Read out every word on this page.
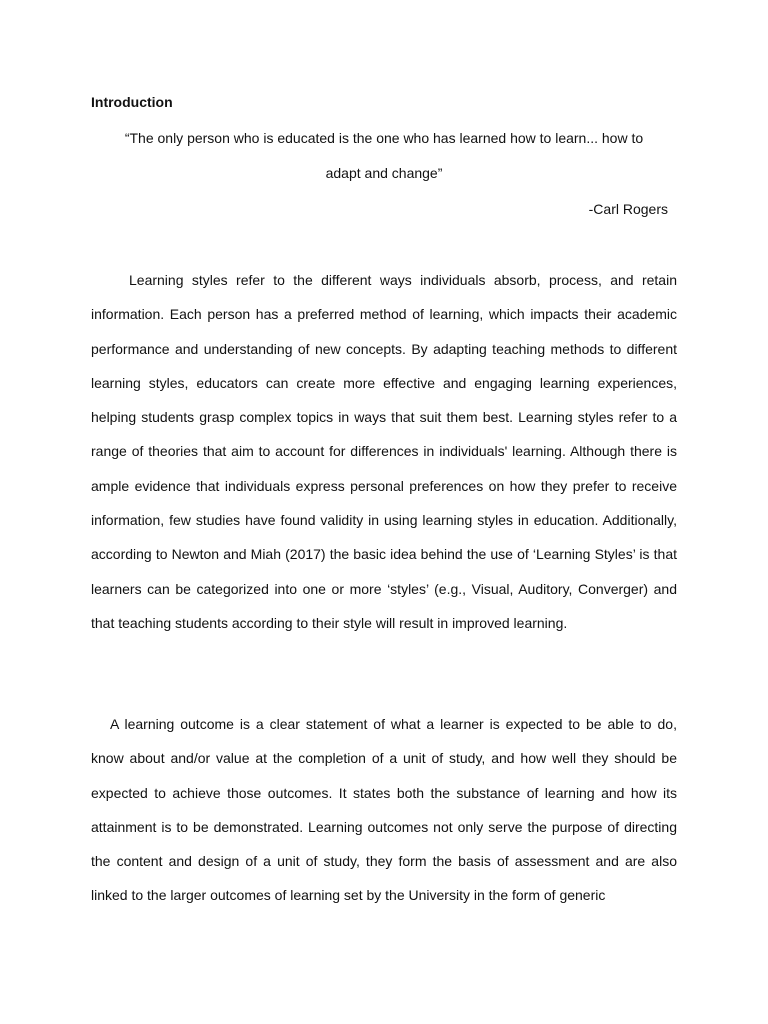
Introduction

“The only person who is educated is the one who has learned how to learn... how to

adapt and change”

-Carl Rogers

Learning styles refer to the different ways individuals absorb, process, and retain information. Each person has a preferred method of learning, which impacts their academic performance and understanding of new concepts. By adapting teaching methods to different learning styles, educators can create more effective and engaging learning experiences, helping students grasp complex topics in ways that suit them best. Learning styles refer to a range of theories that aim to account for differences in individuals' learning. Although there is ample evidence that individuals express personal preferences on how they prefer to receive information, few studies have found validity in using learning styles in education. Additionally, according to Newton and Miah (2017) the basic idea behind the use of ‘Learning Styles’ is that learners can be categorized into one or more ‘styles’ (e.g., Visual, Auditory, Converger) and that teaching students according to their style will result in improved learning.

A learning outcome is a clear statement of what a learner is expected to be able to do, know about and/or value at the completion of a unit of study, and how well they should be expected to achieve those outcomes. It states both the substance of learning and how its attainment is to be demonstrated. Learning outcomes not only serve the purpose of directing the content and design of a unit of study, they form the basis of assessment and are also linked to the larger outcomes of learning set by the University in the form of generic
